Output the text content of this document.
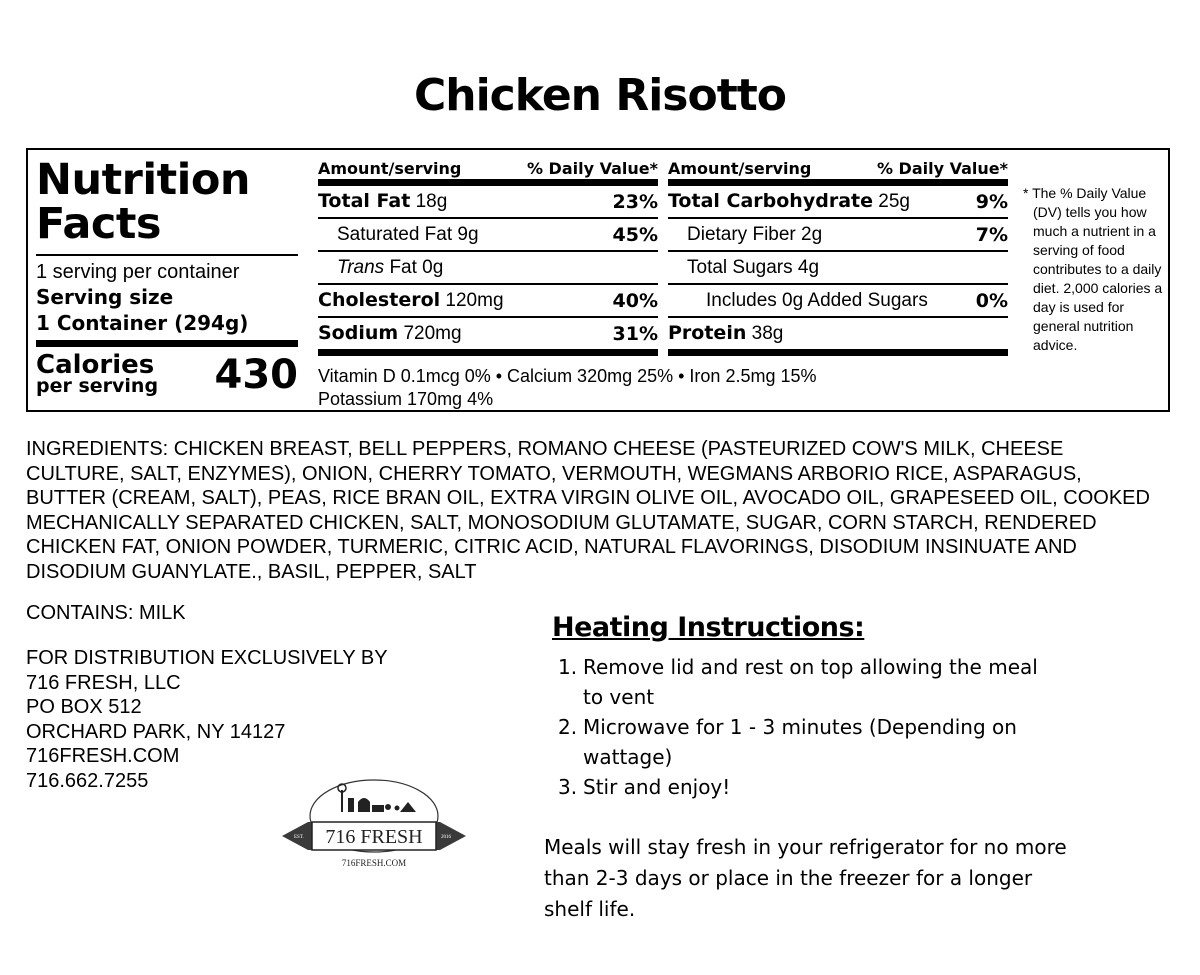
Chicken Risotto
Nutrition
Facts
1 serving per container
Serving size
1 Container (294g)
Calories
per serving 430
Amount/serving	% Daily Value*
Total Fat 18g	23%
Saturated Fat 9g	45%
Trans Fat 0g
Cholesterol 120mg	40%
Sodium 720mg	31%
Amount/serving	% Daily Value*
Total Carbohydrate 25g	9%
Dietary Fiber 2g	7%
Total Sugars 4g
Includes 0g Added Sugars	0%
Protein 38g
Vitamin D 0.1mcg 0% • Calcium 320mg 25% • Iron 2.5mg 15%
Potassium 170mg 4%
* The % Daily Value (DV) tells you how much a nutrient in a serving of food contributes to a daily diet. 2,000 calories a day is used for general nutrition advice.
INGREDIENTS: CHICKEN BREAST, BELL PEPPERS, ROMANO CHEESE (PASTEURIZED COW'S MILK, CHEESE CULTURE, SALT, ENZYMES), ONION, CHERRY TOMATO, VERMOUTH, WEGMANS ARBORIO RICE, ASPARAGUS, BUTTER (CREAM, SALT), PEAS, RICE BRAN OIL, EXTRA VIRGIN OLIVE OIL, AVOCADO OIL, GRAPESEED OIL, COOKED MECHANICALLY SEPARATED CHICKEN, SALT, MONOSODIUM GLUTAMATE, SUGAR, CORN STARCH, RENDERED CHICKEN FAT, ONION POWDER, TURMERIC, CITRIC ACID, NATURAL FLAVORINGS, DISODIUM INSINUATE AND DISODIUM GUANYLATE., BASIL, PEPPER, SALT
CONTAINS: MILK
FOR DISTRIBUTION EXCLUSIVELY BY
716 FRESH, LLC
PO BOX 512
ORCHARD PARK, NY 14127
716FRESH.COM
716.662.7255
EST.	2016
716 FRESH
716FRESH.COM
Heating Instructions:
1. Remove lid and rest on top allowing the meal to vent
2. Microwave for 1 - 3 minutes (Depending on wattage)
3. Stir and enjoy!
Meals will stay fresh in your refrigerator for no more than 2-3 days or place in the freezer for a longer shelf life.
